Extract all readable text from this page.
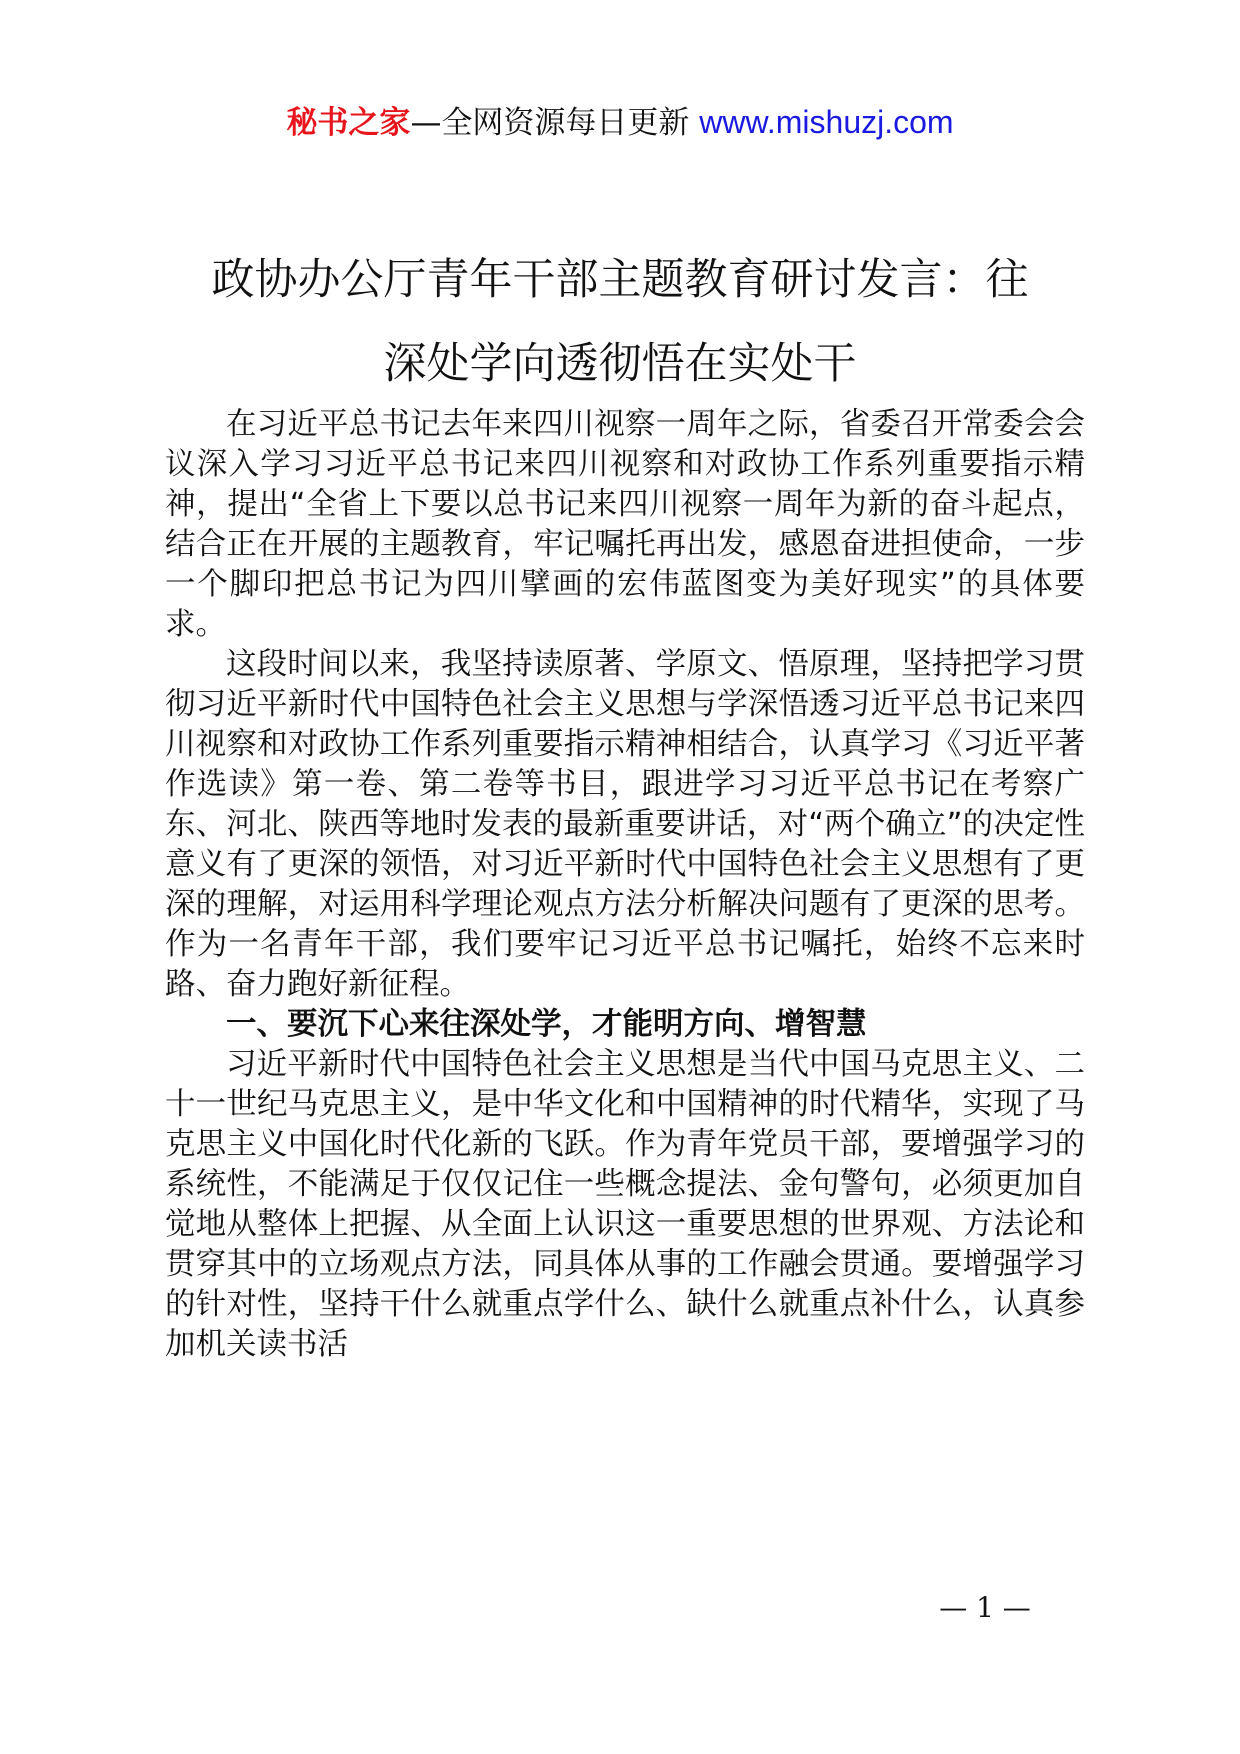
秘书之家—全网资源每日更新 www.mishuzj.com
政协办公厅青年干部主题教育研讨发言：往
深处学向透彻悟在实处干

在习近平总书记去年来四川视察一周年之际，省委召开常委会会议深入学习习近平总书记来四川视察和对政协工作系列重要指示精神，提出“全省上下要以总书记来四川视察一周年为新的奋斗起点，结合正在开展的主题教育，牢记嘱托再出发，感恩奋进担使命，一步一个脚印把总书记为四川擘画的宏伟蓝图变为美好现实”的具体要求。

这段时间以来，我坚持读原著、学原文、悟原理，坚持把学习贯彻习近平新时代中国特色社会主义思想与学深悟透习近平总书记来四川视察和对政协工作系列重要指示精神相结合，认真学习《习近平著作选读》第一卷、第二卷等书目，跟进学习习近平总书记在考察广东、河北、陕西等地时发表的最新重要讲话，对“两个确立”的决定性意义有了更深的领悟，对习近平新时代中国特色社会主义思想有了更深的理解，对运用科学理论观点方法分析解决问题有了更深的思考。作为一名青年干部，我们要牢记习近平总书记嘱托，始终不忘来时路、奋力跑好新征程。

一、要沉下心来往深处学，才能明方向、增智慧

习近平新时代中国特色社会主义思想是当代中国马克思主义、二十一世纪马克思主义，是中华文化和中国精神的时代精华，实现了马克思主义中国化时代化新的飞跃。作为青年党员干部，要增强学习的系统性，不能满足于仅仅记住一些概念提法、金句警句，必须更加自觉地从整体上把握、从全面上认识这一重要思想的世界观、方法论和贯穿其中的立场观点方法，同具体从事的工作融会贯通。要增强学习的针对性，坚持干什么就重点学什么、缺什么就重点补什么，认真参加机关读书活

— 1 —
